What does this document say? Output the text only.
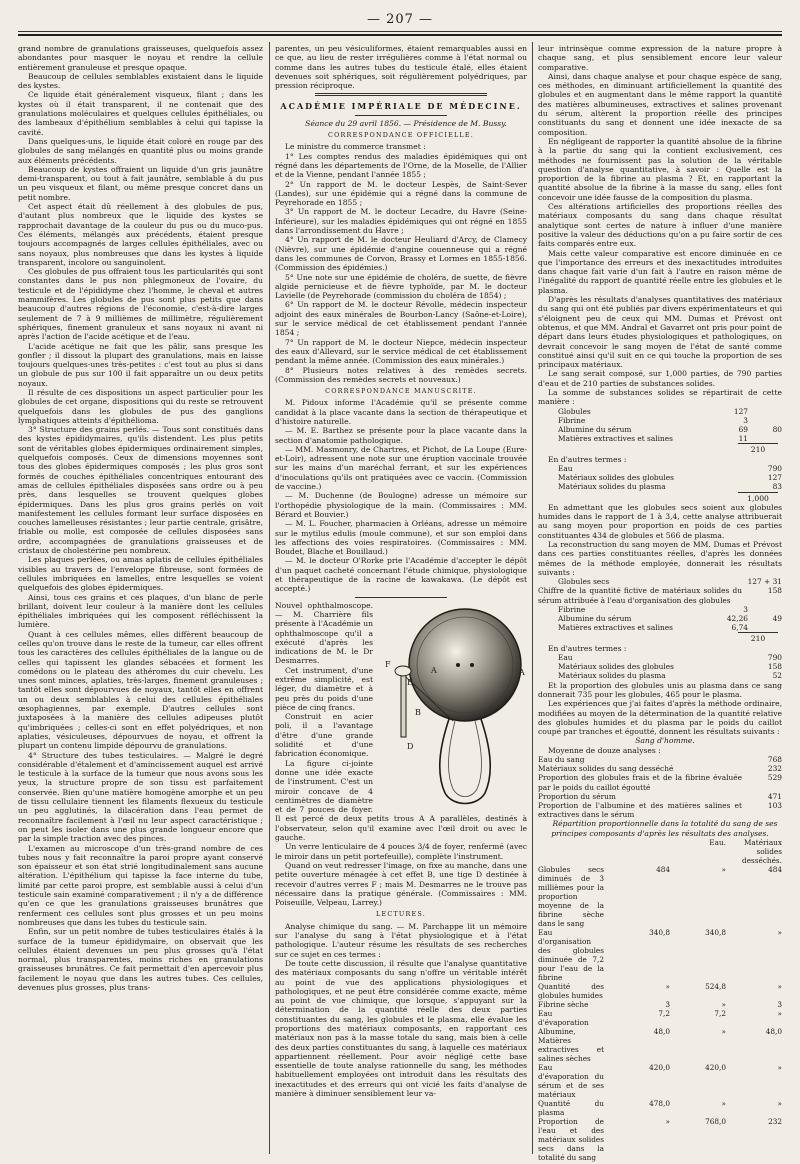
— 207 —

grand nombre de granulations graisseuses, quelquefois assez abondantes pour masquer le noyau et rendre la cellule entièrement granuleuse et presque opaque.

Beaucoup de cellules semblables existaient dans le liquide des kystes.

Ce liquide était généralement visqueux, filant ; dans les kystes où il était transparent, il ne contenait que des granulations moléculaires et quelques cellules épithéliales, ou des lambeaux d'épithélium semblables à celui qui tapisse la cavité.

Dans quelques-uns, le liquide était coloré en rouge par des globules de sang mélangés en quantité plus ou moins grande aux éléments précédents.

Beaucoup de kystes offraient un liquide d'un gris jaunâtre demi-transparent, ou tout à fait jaunâtre, semblable à du pus un peu visqueux et filant, ou même presque concret dans un petit nombre.

Cet aspect était dû réellement à des globules de pus, d'autant plus nombreux que le liquide des kystes se rapprochait davantage de la couleur du pus ou du muco-pus. Ces éléments, mélangés aux précédents, étaient presque toujours accompagnés de larges cellules épithéliales, avec ou sans noyaux, plus nombreuses que dans les kystes à liquide transparent, incolore ou sanguinolent.

Ces globules de pus offraient tous les particularités qui sont constantes dans le pus non phlegmoneux de l'ovaire, du testicule et de l'épididyme chez l'homme, le cheval et autres mammifères. Les globules de pus sont plus petits que dans beaucoup d'autres régions de l'économie, c'est-à-dire larges seulement de 7 à 9 millièmes de millimètre, régulièrement sphériques, finement granuleux et sans noyaux ni avant ni après l'action de l'acide acétique et de l'eau.

L'acide acétique ne fait que les pâlir, sans presque les gonfler ; il dissout la plupart des granulations, mais en laisse toujours quelques-unes très-petites : c'est tout au plus si dans un globule de pus sur 100 il fait apparaître un ou deux petits noyaux.

Il résulte de ces dispositions un aspect particulier pour les globules de cet organe, dispositions qui du reste se retrouvent quelquefois dans les globules de pus des ganglions lymphatiques atteints d'épithélioma.

3° Structure des grains perlés. — Tous sont constitués dans des kystes épididymaires, qu'ils distendent. Les plus petits sont de véritables globes épidermiques ordinairement simples, quelquefois composés. Ceux de dimensions moyennes sont tous des globes épidermiques composés ; les plus gros sont formés de couches épithéliales concentriques entourant des amas de cellules épithéliales disposées sans ordre ou à peu près, dans lesquelles se trouvent quelques globes épidermiques. Dans les plus gros grains perlés on voit manifestement les cellules formant leur surface disposées en couches lamelleuses résistantes ; leur partie centrale, grisâtre, friable ou molle, est composée de cellules disposées sans ordre, accompagnées de granulations graisseuses et de cristaux de cholestérine peu nombreux.

Les plaques perlées, ou amas aplatis de cellules épithéliales visibles au travers de l'enveloppe fibreuse, sont formées de cellules imbriquées en lamelles, entre lesquelles se voient quelquefois des globes épidermiques.

Ainsi, tous ces grains et ces plaques, d'un blanc de perle brillant, doivent leur couleur à la manière dont les cellules épithéliales imbriquées qui les composent réfléchissent la lumière.

Quant à ces cellules mêmes, elles diffèrent beaucoup de celles qu'on trouve dans le reste de la tumeur, car elles offrent tous les caractères des cellules épithéliales de la langue ou de celles qui tapissent les glandes sébacées et forment les comédons ou le plateau des athéromes du cuir chevelu. Les unes sont minces, aplaties, très-larges, finement granuleuses ; tantôt elles sont dépourvues de noyaux, tantôt elles en offrent un ou deux semblables à celui des cellules épithéliales œsophagiennes, par exemple. D'autres cellules sont juxtaposées à la manière des cellules adipeuses plutôt qu'imbriquées ; celles-ci sont en effet polyédriques, et non aplaties, vésiculeuses, dépourvues de noyau, et offrent la plupart un contenu limpide dépourvu de granulations.

4° Structure des tubes testiculaires. — Malgré le degré considérable d'étalement et d'amincissement auquel est arrivé le testicule à la surface de la tumeur que nous avons sous les yeux, la structure propre de son tissu est parfaitement conservée. Bien qu'une matière homogène amorphe et un peu de tissu cellulaire tiennent les filaments flexueux du testicule un peu agglutinés, la dilacération dans l'eau permet de reconnaître facilement à l'œil nu leur aspect caractéristique ; on peut les isoler dans une plus grande longueur encore que par la simple traction avec des pinces.

L'examen au microscope d'un très-grand nombre de ces tubes nous y fait reconnaître la paroi propre ayant conservé son épaisseur et son état strié longitudinalement sans aucune altération. L'épithélium qui tapisse la face interne du tube, limité par cette paroi propre, est semblable aussi à celui d'un testicule sain examiné comparativement ; il n'y a de différence qu'en ce que les granulations graisseuses brunâtres que renferment ces cellules sont plus grosses et un peu moins nombreuses que dans les tubes du testicule sain.

Enfin, sur un petit nombre de tubes testiculaires étalés à la surface de la tumeur épididymaire, on observait que les cellules étaient devenues un peu plus grosses qu'à l'état normal, plus transparentes, moins riches en granulations graisseuses brunâtres. Ce fait permettait d'en apercevoir plus facilement le noyau que dans les autres tubes. Ces cellules, devenues plus grosses, plus trans-

parentes, un peu vésiculiformes, étaient remarquables aussi en ce que, au lieu de rester irrégulières comme à l'état normal ou comme dans les autres tubes du testicule étalé, elles étaient devenues soit sphériques, soit régulièrement polyédriques, par pression réciproque.

ACADÉMIE IMPÉRIALE DE MÉDECINE.

Séance du 29 avril 1856. — Présidence de M. Bussy.

CORRESPONDANCE OFFICIELLE.

Le ministre du commerce transmet :

1° Les comptes rendus des maladies épidémiques qui ont régné dans les départements de l'Orne, de la Moselle, de l'Allier et de la Vienne, pendant l'année 1855 ;

2° Un rapport de M. le docteur Lespès, de Saint-Sever (Landes), sur une épidémie qui a régné dans la commune de Peyrehorade en 1855 ;

3° Un rapport de M. le docteur Lecadre, du Havre (Seine-Inférieure), sur les maladies épidémiques qui ont régné en 1855 dans l'arrondissement du Havre ;

4° Un rapport de M. le docteur Heuliard d'Arcy, de Clamecy (Nièvre), sur une épidémie d'angine couenneuse qui a régné dans les communes de Corvon, Brassy et Lormes en 1855-1856. (Commission des épidémies.)

5° Une note sur une épidémie de choléra, de suette, de fièvre algide pernicieuse et de fièvre typhoïde, par M. le docteur Lavielle (de Peyrehorade (commission du choléra de 1854) ;

6° Un rapport de M. le docteur Révolle, médecin inspecteur adjoint des eaux minérales de Bourbon-Lancy (Saône-et-Loire), sur le service médical de cet établissement pendant l'année 1854 ;

7° Un rapport de M. le docteur Niepce, médecin inspecteur des eaux d'Allevard, sur le service médical de cet établissement pendant la même année. (Commission des eaux minérales.)

8° Plusieurs notes relatives à des remèdes secrets. (Commission des remèdes secrets et nouveaux.)

CORRESPONDANCE MANUSCRITE.

M. Pidoux informe l'Académie qu'il se présente comme candidat à la place vacante dans la section de thérapeutique et d'histoire naturelle.

— M. E. Barthez se présente pour la place vacante dans la section d'anatomie pathologique.

— MM. Masmonry, de Chartres, et Pichot, de La Loupe (Eure-et-Loir), adressent une note sur une éruption vaccinale trouvée sur les mains d'un maréchal ferrant, et sur les expériences d'inoculations qu'ils ont pratiquées avec ce vaccin. (Commission de vaccine.)

— M. Duchenne (de Boulogne) adresse un mémoire sur l'orthopédie physiologique de la main. (Commissaires : MM. Bérard et Bouvier.)

— M. L. Foucher, pharmacien à Orléans, adresse un mémoire sur le mytilus edulis (moule commune), et sur son emploi dans les affections des voies respiratoires. (Commissaires : MM. Boudet, Blache et Bouillaud.)

— M. le docteur O'Rorke prie l'Académie d'accepter le dépôt d'un paquet cacheté concernant l'étude chimique, physiologique et thérapeutique de la racine de kawakawa. (Le dépôt est accepté.)

F
E
A	A
B
D

Nouvel ophthalmoscope. — M. Charrière fils présente à l'Académie un ophthalmoscope qu'il a exécuté d'après les indications de M. le Dr Desmarres.

Cet instrument, d'une extrême simplicité, est léger, du diamètre et à peu près du poids d'une pièce de cinq francs.

Construit en acier poli, il a l'avantage d'être d'une grande solidité et d'une fabrication économique.

La figure ci-jointe donne une idée exacte de l'instrument. C'est un miroir concave de 4 centimètres de diamètre et de 7 pouces de foyer. Il est percé de deux petits trous A A parallèles, destinés à l'observateur, selon qu'il examine avec l'œil droit ou avec le gauche.

Un verre lenticulaire de 4 pouces 3/4 de foyer, renfermé (avec le miroir dans un petit portefeuille), complète l'instrument.

Quand on veut redresser l'image, on fixe au manche, dans une petite ouverture ménagée à cet effet B, une tige D destinée à recevoir d'autres verres F ; mais M. Desmarres ne le trouve pas nécessaire dans la pratique générale. (Commissaires : MM. Poiseuille, Velpeau, Larrey.)

LECTURES.

Analyse chimique du sang. — M. Parchappe lit un mémoire sur l'analyse du sang à l'état physiologique et à l'état pathologique. L'auteur résume les résultats de ses recherches sur ce sujet en ces termes :

De toute cette discussion, il résulte que l'analyse quantitative des matériaux composants du sang n'offre un véritable intérêt au point de vue des applications physiologiques et pathologiques, et ne peut être considérée comme exacte, même au point de vue chimique, que lorsque, s'appuyant sur la détermination de la quantité réelle des deux parties constituantes du sang, les globules et le plasma, elle évalue les proportions des matériaux composants, en rapportant ces matériaux non pas à la masse totale du sang, mais bien à celle des deux parties constituantes du sang, à laquelle ces matériaux appartiennent réellement. Pour avoir négligé cette base essentielle de toute analyse rationnelle du sang, les méthodes habituellement employées ont introduit dans les résultats des inexactitudes et des erreurs qui ont vicié les faits d'analyse de manière à diminuer sensiblement leur va-

leur intrinsèque comme expression de la nature propre à chaque sang, et plus sensiblement encore leur valeur comparative.

Ainsi, dans chaque analyse et pour chaque espèce de sang, ces méthodes, en diminuant artificiellement la quantité des globules et en augmentant dans le même rapport la quantité des matières albumineuses, extractives et salines provenant du sérum, altèrent la proportion réelle des principes constituants du sang et donnent une idée inexacte de sa composition.

En négligeant de rapporter la quantité absolue de la fibrine à la partie du sang qui la contient exclusivement, ces méthodes ne fournissent pas la solution de la véritable question d'analyse quantitative, à savoir : Quelle est la proportion de la fibrine au plasma ? Et, en rapportant la quantité absolue de la fibrine à la masse du sang, elles font concevoir une idée fausse de la composition du plasma.

Ces altérations artificielles des proportions réelles des matériaux composants du sang dans chaque résultat analytique sont certes de nature à influer d'une manière positive la valeur des déductions qu'on a pu faire sortir de ces faits comparés entre eux.

Mais cette valeur comparative est encore diminuée en ce que l'importance des erreurs et des inexactitudes introduites dans chaque fait varie d'un fait à l'autre en raison même de l'inégalité du rapport de quantité réelle entre les globules et le plasma.

D'après les résultats d'analyses quantitatives des matériaux du sang qui ont été publiés par divers expérimentateurs et qui s'éloignent peu de ceux qui MM. Dumas et Prévost ont obtenus, et que MM. Andral et Gavarret ont pris pour point de départ dans leurs études physiologiques et pathologiques, on devrait concevoir le sang moyen de l'état de santé comme constitué ainsi qu'il suit en ce qui touche la proportion de ses principaux matériaux.

Le sang serait composé, sur 1,000 parties, de 790 parties d'eau et de 210 parties de substances solides.

La somme de substances solides se répartirait de cette manière :

Globules	127	
Fibrine	3	
Albumine du sérum	69	80
Matières extractives et salines	11	
210

En d'autres termes :

Eau	790
Matériaux solides des globules	127
Matériaux solides du plasma	83
1,000

En admettant que les globules secs soient aux globules humides dans le rapport de 1 à 3,4, cette analyse attribuerait au sang moyen pour proportion en poids de ces parties constituantes 434 de globules et 566 de plasma.

La reconstruction du sang moyen de MM. Dumas et Prévost dans ces parties constituantes réelles, d'après les données mêmes de la méthode employée, donnerait les résultats suivants :

Globules secs	127 + 31
Chiffre de la quantité fictive de matériaux solides du sérum attribuée à l'eau d'organisation des globules	158
Fibrine	3	
Albumine du sérum	42,26	49
Matières extractives et salines	6,74	
210

En d'autres termes :

Eau	790
Matériaux solides des globules	158
Matériaux solides du plasma	52

Et la proportion des globules unis au plasma dans ce sang donnerait 735 pour les globules, 465 pour le plasma.

Les expériences que j'ai faites d'après la méthode ordinaire, modifiées au moyen de la détermination de la quantité relative des globules humides et du plasma par le poids du caillot coupé par tranches et égoutté, donnent les résultats suivants :

Sang d'homme.

Moyenne de douze analyses :

Eau du sang	768
Matériaux solides du sang desséché	232
Proportion des globules frais et de la fibrine évaluée par le poids du caillot égoutté	529
Proportion du sérum	471
Proportion de l'albumine et des matières salines et extractives dans le sérum	103

Répartition proportionnelle dans la totalité du sang de ses principes composants d'après les résultats des analyses.

		Eau.	Matériaux solides desséchés.
Globules secs diminués de 3 millièmes pour la proportion moyenne de la fibrine sèche dans le sang	484	»	484
Eau d'organisation des globules diminuée de 7,2 pour l'eau de la fibrine	340,8	340,8	»
Quantité des globules humides	»	524,8	»
Fibrine sèche	3	»	3
Eau d'évaporation	7,2	7,2	»
Albumine, Matières extractives et salines sèches	48,0	»	48,0
Eau d'évaporation du sérum et de ses matériaux	420,0	420,0	»
Quantité du plasma	478,0	»	»
Proportion de l'eau et des matériaux solides secs dans la totalité du sang	»	768,0	232
